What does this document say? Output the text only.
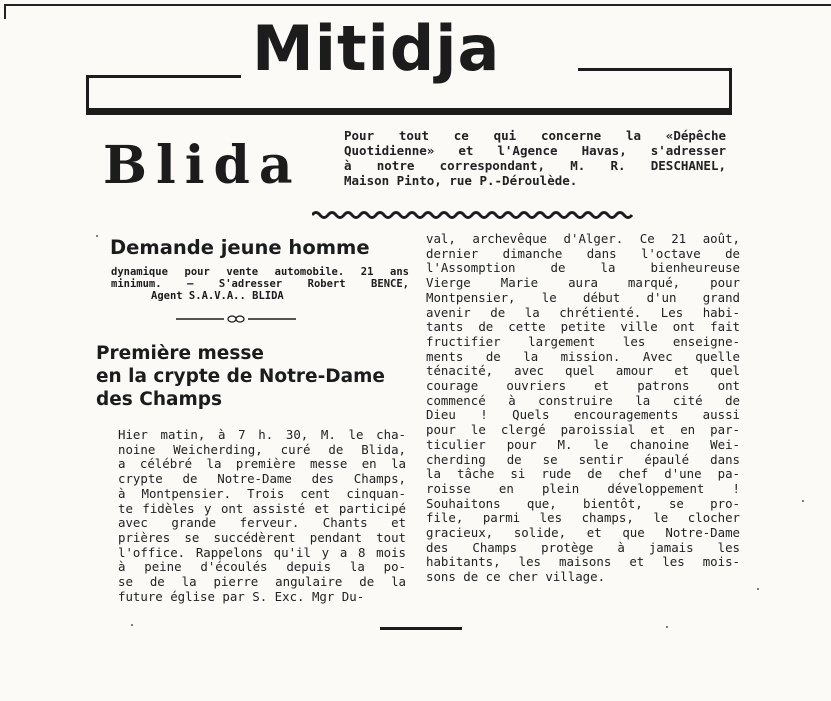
Mitidja
Blida	Pour tout ce qui concerne la «Dépêche
Quotidienne» et l'Agence Havas, s'adresser
à notre correspondant, M. R. DESCHANEL,
Maison Pinto, rue P.-Déroulède.
Demande jeune homme
dynamique pour vente automobile. 21 ans
minimum. — S'adresser Robert BENCE,
Agent S.A.V.A.. BLIDA
Première messe
en la crypte de Notre-Dame
des Champs
Hier matin, à 7 h. 30, M. le cha-
noine Weicherding, curé de Blida,
a célébré la première messe en la
crypte de Notre-Dame des Champs,
à Montpensier. Trois cent cinquan-
te fidèles y ont assisté et participé
avec grande ferveur. Chants et
prières se succédèrent pendant tout
l'office. Rappelons qu'il y a 8 mois
à peine d'écoulés depuis la po-
se de la pierre angulaire de la
future église par S. Exc. Mgr Du-
val, archevêque d'Alger. Ce 21 août,
dernier dimanche dans l'octave de
l'Assomption de la bienheureuse
Vierge Marie aura marqué, pour
Montpensier, le début d'un grand
avenir de la chrétienté. Les habi-
tants de cette petite ville ont fait
fructifier largement les enseigne-
ments de la mission. Avec quelle
ténacité, avec quel amour et quel
courage ouvriers et patrons ont
commencé à construire la cité de
Dieu ! Quels encouragements aussi
pour le clergé paroissial et en par-
ticulier pour M. le chanoine Wei-
cherding de se sentir épaulé dans
la tâche si rude de chef d'une pa-
roisse en plein développement !
Souhaitons que, bientôt, se pro-
file, parmi les champs, le clocher
gracieux, solide, et que Notre-Dame
des Champs protège à jamais les
habitants, les maisons et les mois-
sons de ce cher village.
